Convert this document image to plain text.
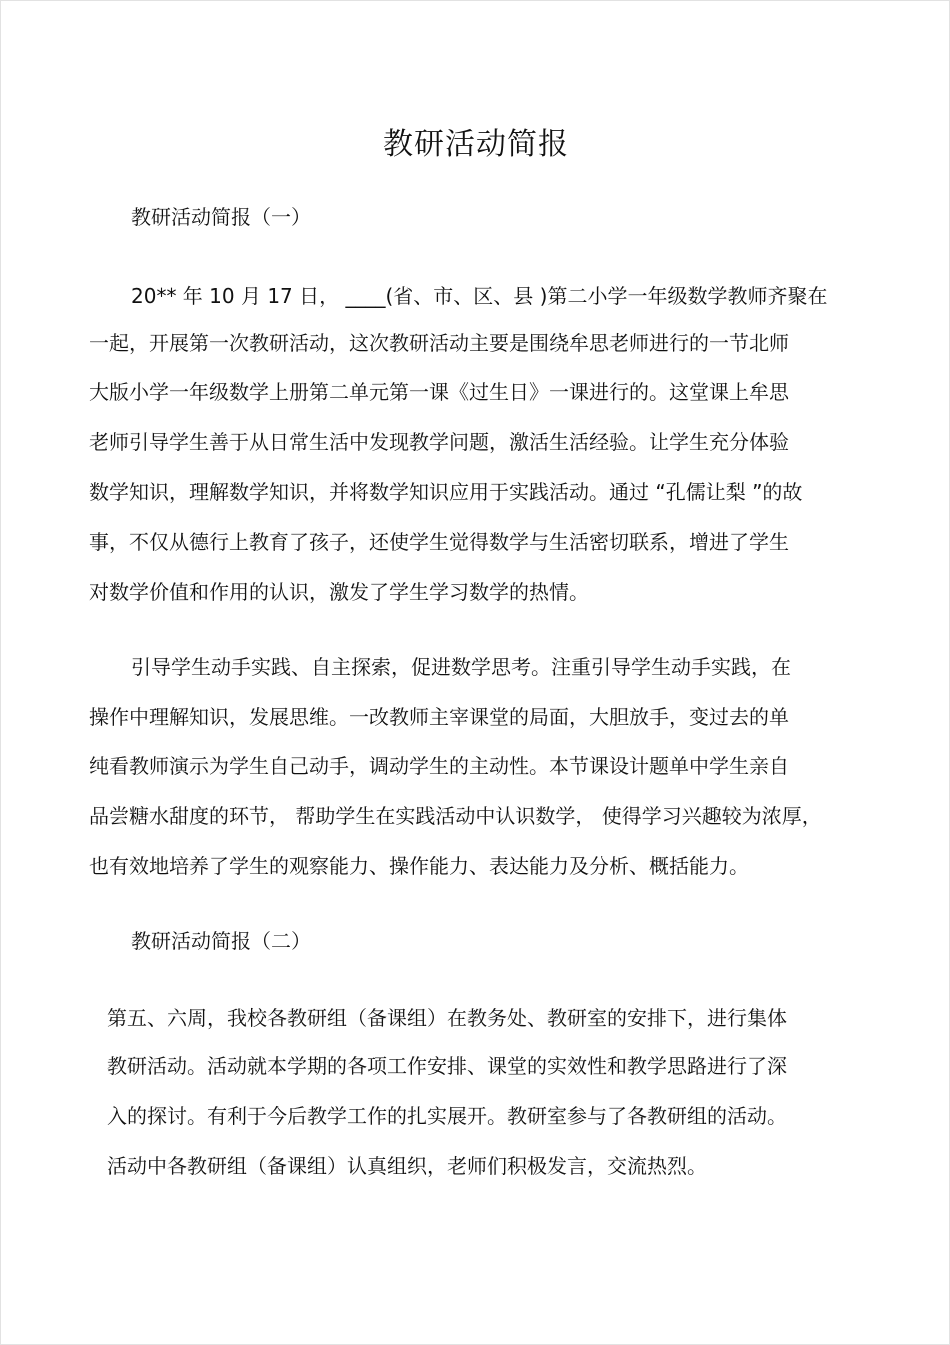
教研活动简报
教研活动简报（一）
20** 年 10 月 17 日， ____(省、市、区、县 )第二小学一年级数学教师齐聚在
一起，开展第一次教研活动，这次教研活动主要是围绕牟思老师进行的一节北师
大版小学一年级数学上册第二单元第一课《过生日》一课进行的。这堂课上牟思
老师引导学生善于从日常生活中发现教学问题，激活生活经验。让学生充分体验
数学知识，理解数学知识，并将数学知识应用于实践活动。通过 “孔儒让梨 ”的故
事，不仅从德行上教育了孩子，还使学生觉得数学与生活密切联系，增进了学生
对数学价值和作用的认识，激发了学生学习数学的热情。
引导学生动手实践、自主探索，促进数学思考。注重引导学生动手实践，在
操作中理解知识，发展思维。一改教师主宰课堂的局面，大胆放手，变过去的单
纯看教师演示为学生自己动手，调动学生的主动性。本节课设计题单中学生亲自
品尝糖水甜度的环节， 帮助学生在实践活动中认识数学， 使得学习兴趣较为浓厚，
也有效地培养了学生的观察能力、操作能力、表达能力及分析、概括能力。
教研活动简报（二）
第五、六周，我校各教研组（备课组）在教务处、教研室的安排下，进行集体
教研活动。活动就本学期的各项工作安排、课堂的实效性和教学思路进行了深
入的探讨。有利于今后教学工作的扎实展开。教研室参与了各教研组的活动。
活动中各教研组（备课组）认真组织，老师们积极发言，交流热烈。
